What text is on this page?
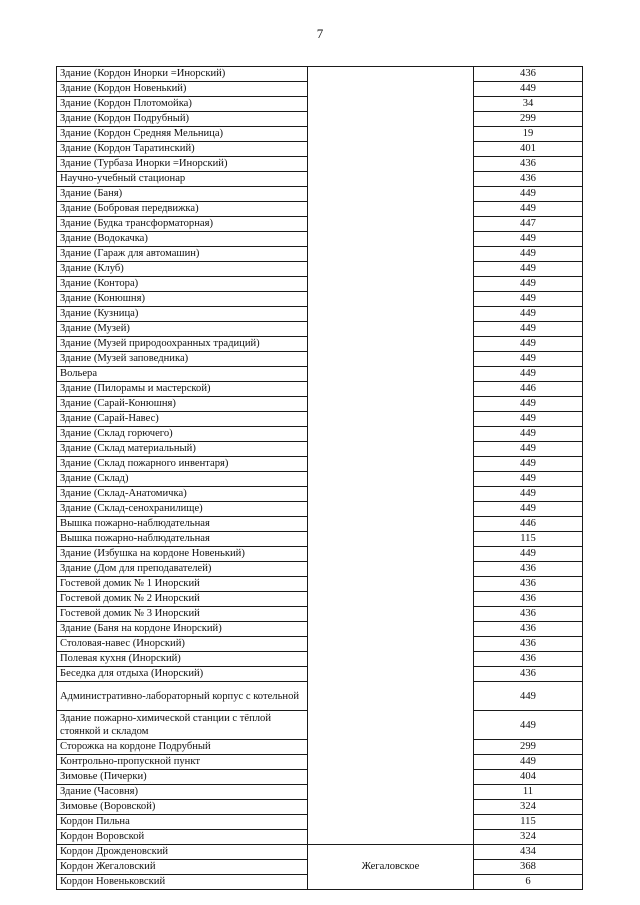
7
Здание (Кордон Инорки =Инорский)		436
Здание (Кордон Новенький)		449
Здание (Кордон Плотомойка)		34
Здание (Кордон Подрубный)		299
Здание (Кордон Средняя Мельница)		19
Здание (Кордон Таратинский)		401
Здание (Турбаза Инорки =Инорский)		436
Научно-учебный стационар		436
Здание (Баня)		449
Здание (Бобровая передвижка)		449
Здание (Будка трансформаторная)		447
Здание (Водокачка)		449
Здание (Гараж для автомашин)		449
Здание (Клуб)		449
Здание (Контора)		449
Здание (Конюшня)		449
Здание (Кузница)		449
Здание (Музей)		449
Здание (Музей природоохранных традиций)		449
Здание (Музей заповедника)		449
Вольера		449
Здание (Пилорамы и мастерской)		446
Здание (Сарай-Конюшня)		449
Здание (Сарай-Навес)		449
Здание (Склад горючего)		449
Здание (Склад материальный)		449
Здание (Склад пожарного инвентаря)		449
Здание (Склад)		449
Здание (Склад-Анатомичка)		449
Здание (Склад-сенохранилище)		449
Вышка пожарно-наблюдательная		446
Вышка пожарно-наблюдательная		115
Здание (Избушка на кордоне Новенький)		449
Здание (Дом для преподавателей)		436
Гостевой домик № 1 Инорский		436
Гостевой домик № 2 Инорский		436
Гостевой домик № 3 Инорский		436
Здание (Баня на кордоне Инорский)		436
Столовая-навес (Инорский)		436
Полевая кухня (Инорский)		436
Беседка для отдыха (Инорский)		436
Административно-лабораторный корпус с котельной		449
Здание пожарно-химической станции с тёплой стоянкой и складом		449
Сторожка на кордоне Подрубный		299
Контрольно-пропускной пункт		449
Зимовье (Пичерки)		404
Здание (Часовня)		11
Зимовье (Воровской)		324
Кордон Пильна		115
Кордон Воровской		324
Кордон Дрожденовский	Жегаловское	434
Кордон Жегаловский		368
Кордон Новеньковский		6
